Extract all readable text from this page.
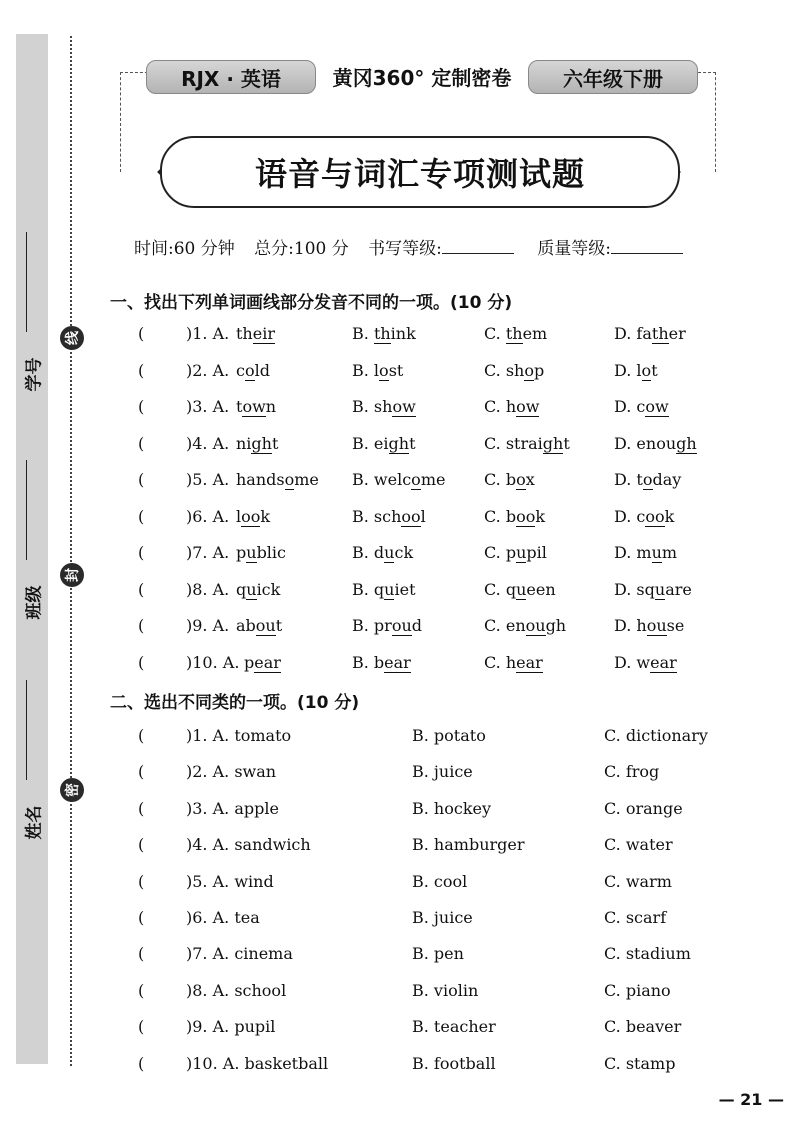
线
封
密
学号
班级
姓名
RJX · 英语	黄冈360° 定制密卷	六年级下册
语音与词汇专项测试题
时间:60 分钟 总分:100 分 书写等级:	质量等级:
一、找出下列单词画线部分发音不同的一项。(10 分)
(	)1. A. their	B. think	C. them	D. father
(	)2. A. cold	B. lost	C. shop	D. lot
(	)3. A. town	B. show	C. how	D. cow
(	)4. A. night	B. eight	C. straight	D. enough
(	)5. A. handsome B. welcome C. box	D. today
(	)6. A. look	B. school	C. book	D. cook
(	)7. A. public	B. duck	C. pupil	D. mum
(	)8. A. quick	B. quiet	C. queen	D. square
(	)9. A. about	B. proud	C. enough	D. house
(	)10. A. pear	B. bear	C. hear	D. wear
二、选出不同类的一项。(10 分)
(	)1. A. tomato	B. potato	C. dictionary
(	)2. A. swan	B. juice	C. frog
(	)3. A. apple	B. hockey	C. orange
(	)4. A. sandwich	B. hamburger	C. water
(	)5. A. wind	B. cool	C. warm
(	)6. A. tea	B. juice	C. scarf
(	)7. A. cinema	B. pen	C. stadium
(	)8. A. school	B. violin	C. piano
(	)9. A. pupil	B. teacher	C. beaver
(	)10. A. basketball	B. football	C. stamp
— 21 —
